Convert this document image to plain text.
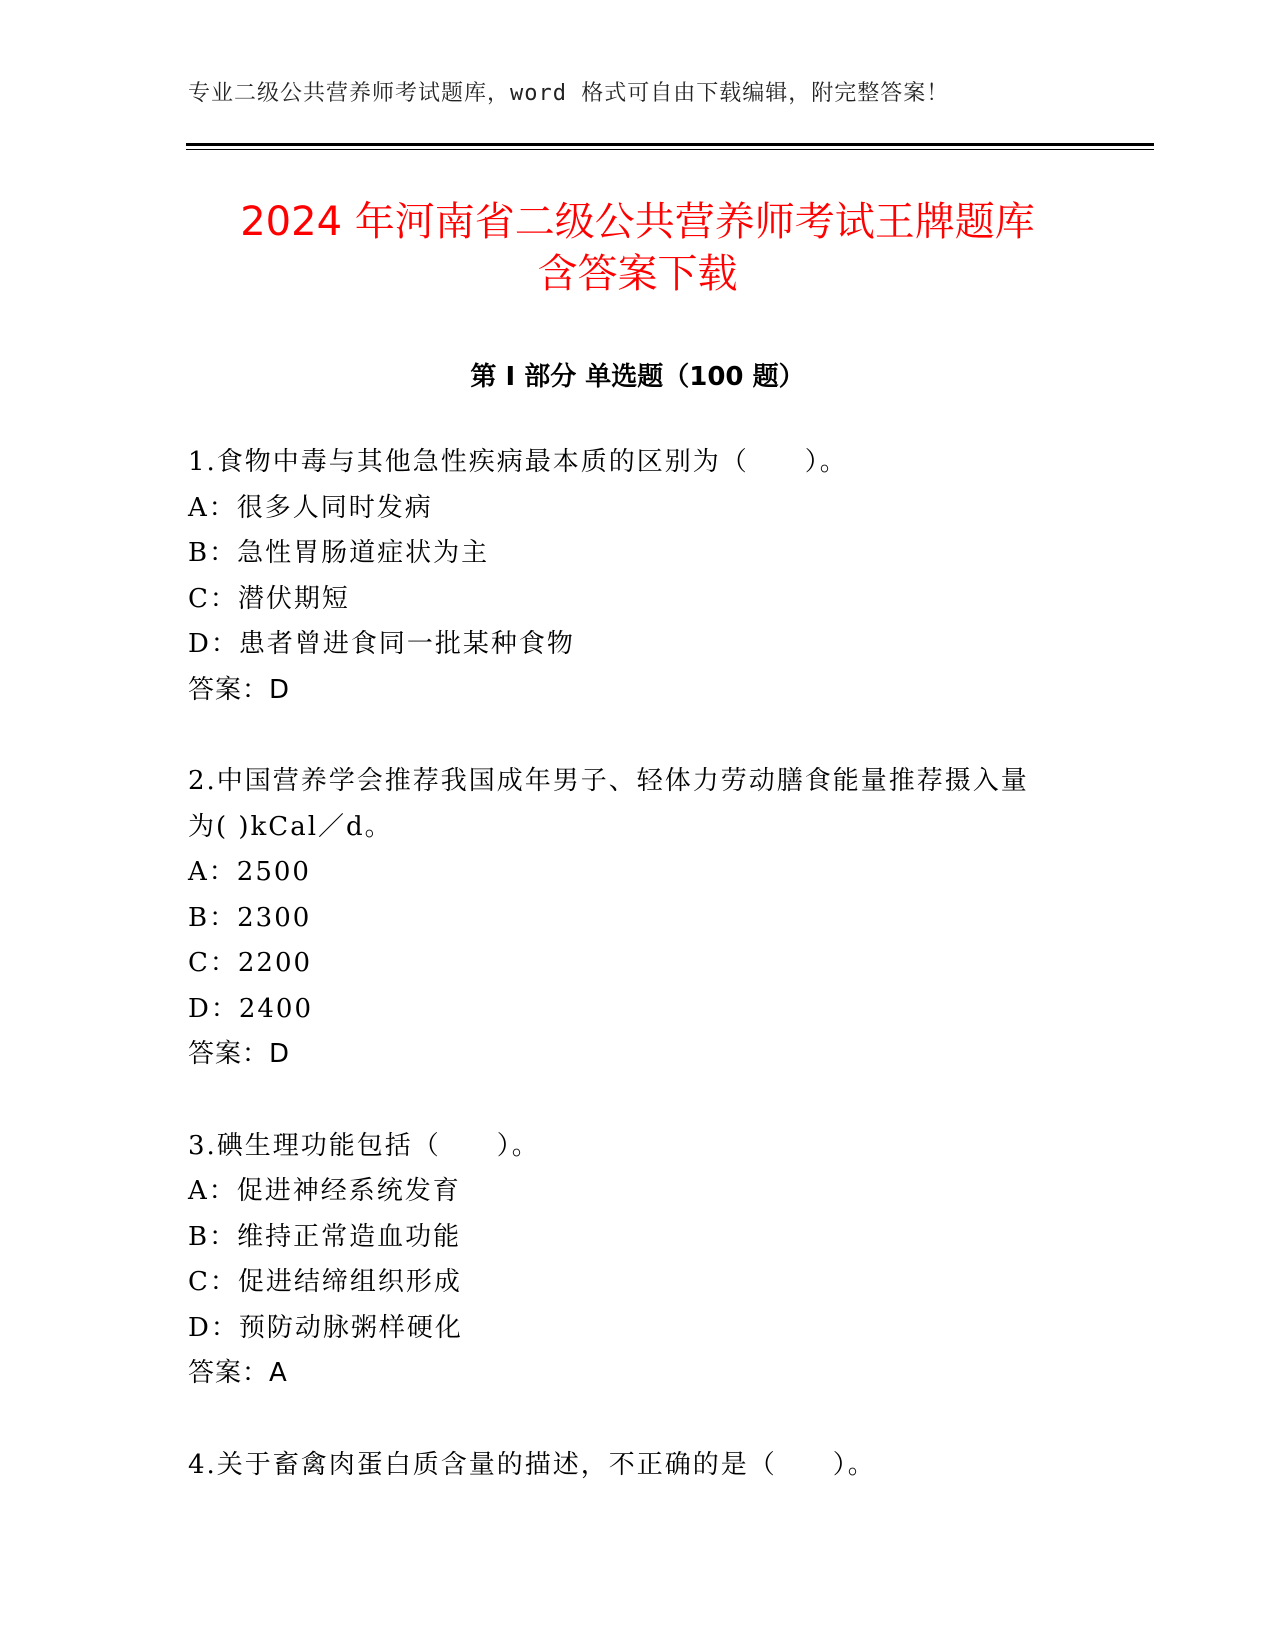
专业二级公共营养师考试题库，word 格式可自由下载编辑，附完整答案！
2024 年河南省二级公共营养师考试王牌题库
含答案下载
第 I 部分 单选题（100 题）
1.食物中毒与其他急性疾病最本质的区别为（　　）。
A：很多人同时发病
B：急性胃肠道症状为主
C：潜伏期短
D：患者曾进食同一批某种食物
答案：D
2.中国营养学会推荐我国成年男子、轻体力劳动膳食能量推荐摄入量
为( )kCal／d。
A：2500
B：2300
C：2200
D：2400
答案：D
3.碘生理功能包括（　　）。
A：促进神经系统发育
B：维持正常造血功能
C：促进结缔组织形成
D：预防动脉粥样硬化
答案：A
4.关于畜禽肉蛋白质含量的描述，不正确的是（　　）。
